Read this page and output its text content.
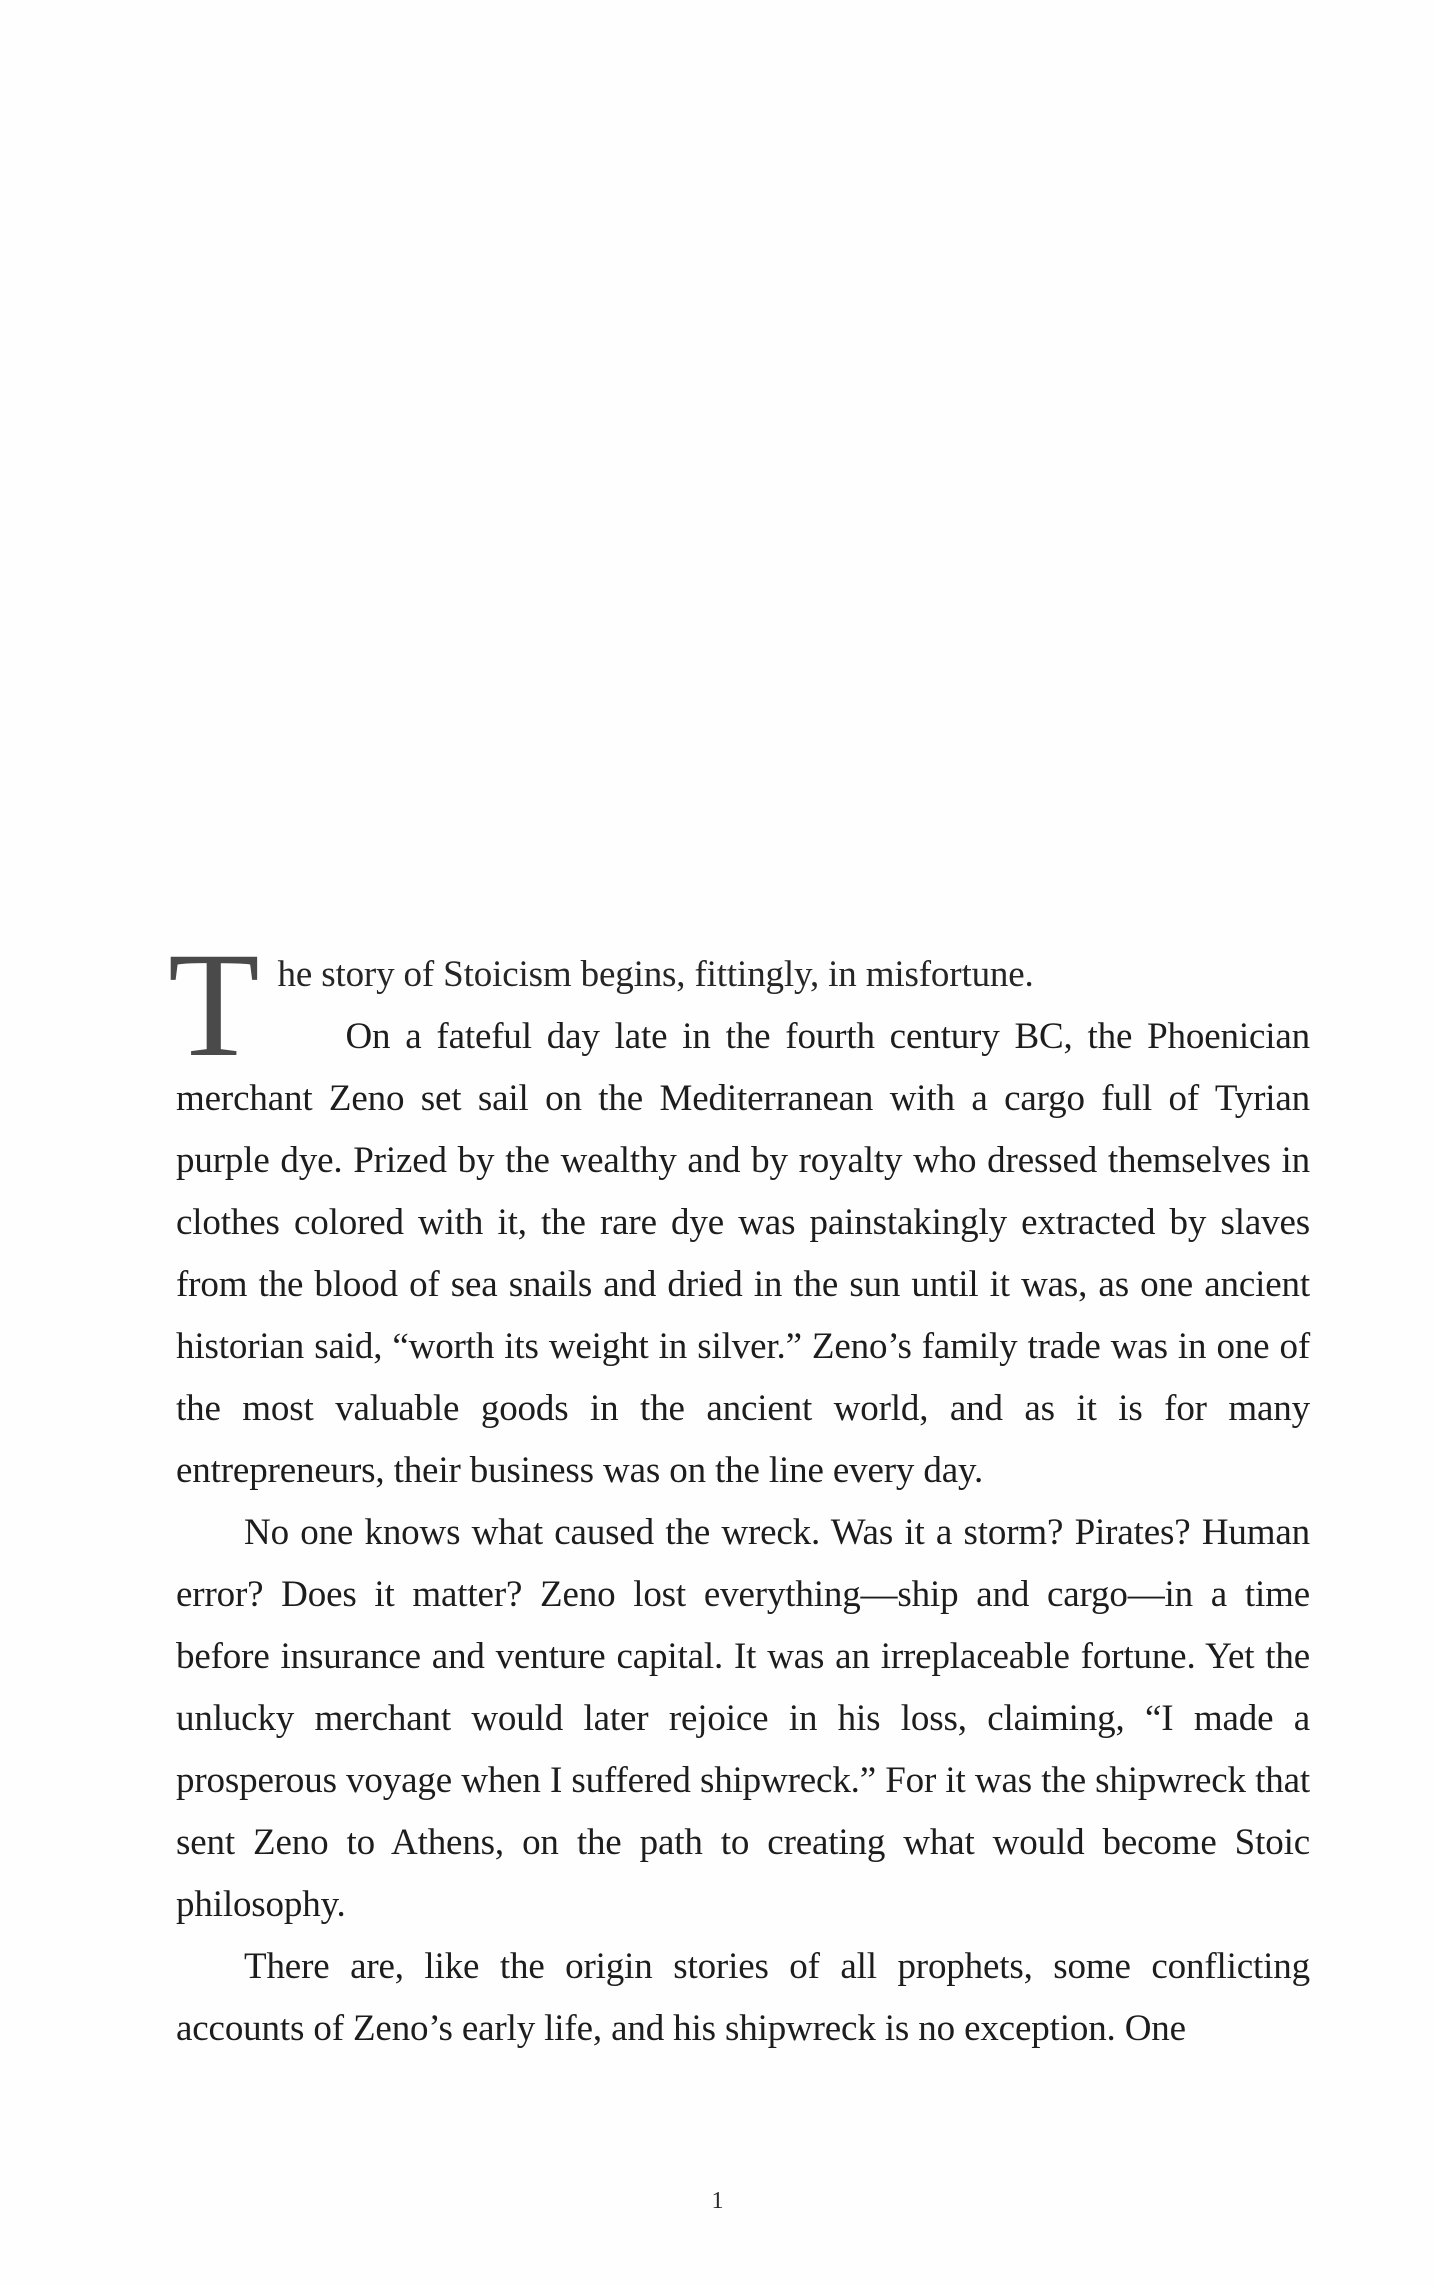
The story of Stoicism begins, fittingly, in misfortune.

On a fateful day late in the fourth century BC, the Phoenician merchant Zeno set sail on the Mediterranean with a cargo full of Tyrian purple dye. Prized by the wealthy and by royalty who dressed themselves in clothes colored with it, the rare dye was painstakingly extracted by slaves from the blood of sea snails and dried in the sun until it was, as one ancient historian said, “worth its weight in silver.” Zeno’s family trade was in one of the most valuable goods in the ancient world, and as it is for many entrepreneurs, their business was on the line every day.

No one knows what caused the wreck. Was it a storm? Pirates? Human error? Does it matter? Zeno lost everything—ship and cargo—in a time before insurance and venture capital. It was an irreplaceable fortune. Yet the unlucky merchant would later rejoice in his loss, claiming, “I made a prosperous voyage when I suffered shipwreck.” For it was the shipwreck that sent Zeno to Athens, on the path to creating what would become Stoic philosophy.

There are, like the origin stories of all prophets, some conflicting accounts of Zeno’s early life, and his shipwreck is no exception. One

1
